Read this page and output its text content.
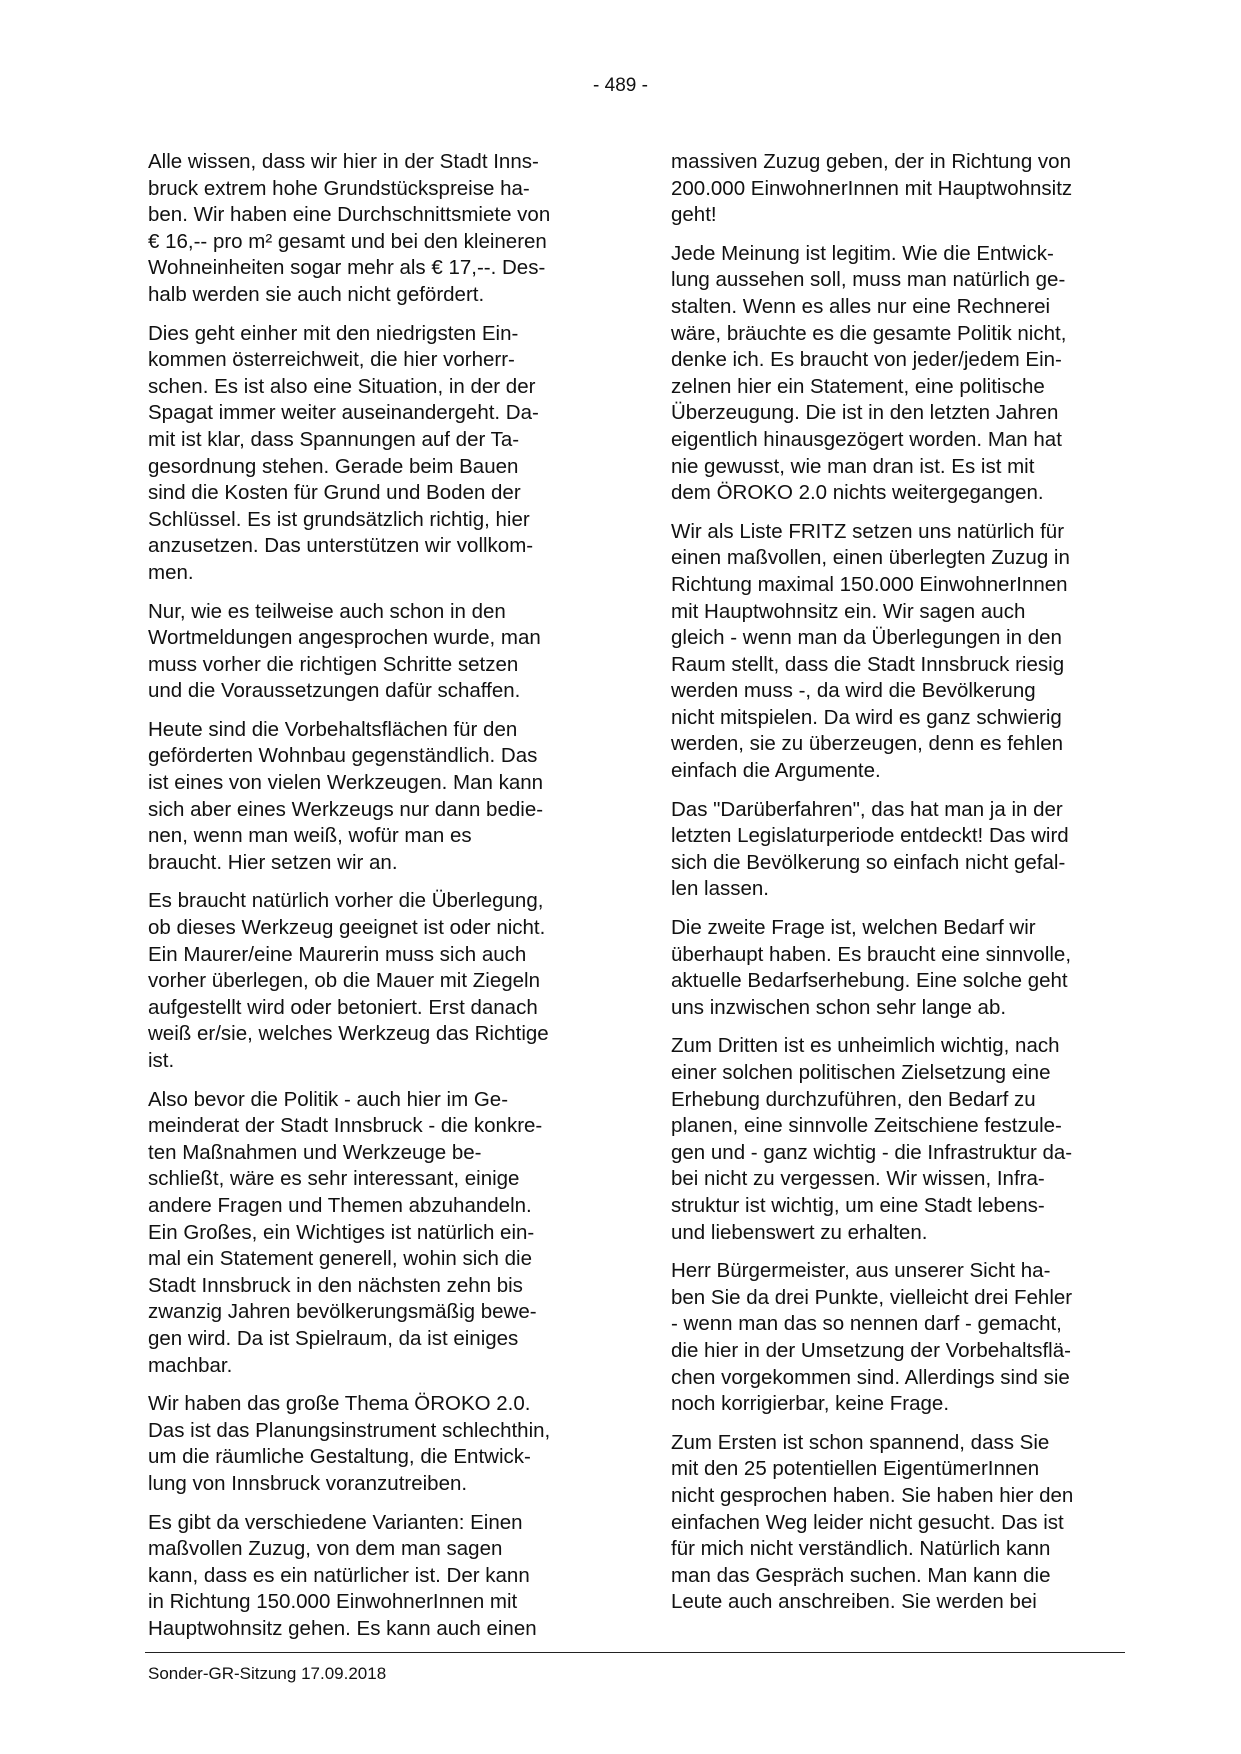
- 489 -

Alle wissen, dass wir hier in der Stadt Inns-
bruck extrem hohe Grundstückspreise ha-
ben. Wir haben eine Durchschnittsmiete von
€ 16,-- pro m² gesamt und bei den kleineren
Wohneinheiten sogar mehr als € 17,--. Des-
halb werden sie auch nicht gefördert.

Dies geht einher mit den niedrigsten Ein-
kommen österreichweit, die hier vorherr-
schen. Es ist also eine Situation, in der der
Spagat immer weiter auseinandergeht. Da-
mit ist klar, dass Spannungen auf der Ta-
gesordnung stehen. Gerade beim Bauen
sind die Kosten für Grund und Boden der
Schlüssel. Es ist grundsätzlich richtig, hier
anzusetzen. Das unterstützen wir vollkom-
men.

Nur, wie es teilweise auch schon in den
Wortmeldungen angesprochen wurde, man
muss vorher die richtigen Schritte setzen
und die Voraussetzungen dafür schaffen.

Heute sind die Vorbehaltsflächen für den
geförderten Wohnbau gegenständlich. Das
ist eines von vielen Werkzeugen. Man kann
sich aber eines Werkzeugs nur dann bedie-
nen, wenn man weiß, wofür man es
braucht. Hier setzen wir an.

Es braucht natürlich vorher die Überlegung,
ob dieses Werkzeug geeignet ist oder nicht.
Ein Maurer/eine Maurerin muss sich auch
vorher überlegen, ob die Mauer mit Ziegeln
aufgestellt wird oder betoniert. Erst danach
weiß er/sie, welches Werkzeug das Richtige
ist.

Also bevor die Politik - auch hier im Ge-
meinderat der Stadt Innsbruck - die konkre-
ten Maßnahmen und Werkzeuge be-
schließt, wäre es sehr interessant, einige
andere Fragen und Themen abzuhandeln.
Ein Großes, ein Wichtiges ist natürlich ein-
mal ein Statement generell, wohin sich die
Stadt Innsbruck in den nächsten zehn bis
zwanzig Jahren bevölkerungsmäßig bewe-
gen wird. Da ist Spielraum, da ist einiges
machbar.

Wir haben das große Thema ÖROKO 2.0.
Das ist das Planungsinstrument schlechthin,
um die räumliche Gestaltung, die Entwick-
lung von Innsbruck voranzutreiben.

Es gibt da verschiedene Varianten: Einen
maßvollen Zuzug, von dem man sagen
kann, dass es ein natürlicher ist. Der kann
in Richtung 150.000 EinwohnerInnen mit
Hauptwohnsitz gehen. Es kann auch einen

massiven Zuzug geben, der in Richtung von
200.000 EinwohnerInnen mit Hauptwohnsitz
geht!

Jede Meinung ist legitim. Wie die Entwick-
lung aussehen soll, muss man natürlich ge-
stalten. Wenn es alles nur eine Rechnerei
wäre, bräuchte es die gesamte Politik nicht,
denke ich. Es braucht von jeder/jedem Ein-
zelnen hier ein Statement, eine politische
Überzeugung. Die ist in den letzten Jahren
eigentlich hinausgezögert worden. Man hat
nie gewusst, wie man dran ist. Es ist mit
dem ÖROKO 2.0 nichts weitergegangen.

Wir als Liste FRITZ setzen uns natürlich für
einen maßvollen, einen überlegten Zuzug in
Richtung maximal 150.000 EinwohnerInnen
mit Hauptwohnsitz ein. Wir sagen auch
gleich - wenn man da Überlegungen in den
Raum stellt, dass die Stadt Innsbruck riesig
werden muss -, da wird die Bevölkerung
nicht mitspielen. Da wird es ganz schwierig
werden, sie zu überzeugen, denn es fehlen
einfach die Argumente.

Das "Darüberfahren", das hat man ja in der
letzten Legislaturperiode entdeckt! Das wird
sich die Bevölkerung so einfach nicht gefal-
len lassen.

Die zweite Frage ist, welchen Bedarf wir
überhaupt haben. Es braucht eine sinnvolle,
aktuelle Bedarfserhebung. Eine solche geht
uns inzwischen schon sehr lange ab.

Zum Dritten ist es unheimlich wichtig, nach
einer solchen politischen Zielsetzung eine
Erhebung durchzuführen, den Bedarf zu
planen, eine sinnvolle Zeitschiene festzule-
gen und - ganz wichtig - die Infrastruktur da-
bei nicht zu vergessen. Wir wissen, Infra-
struktur ist wichtig, um eine Stadt lebens-
und liebenswert zu erhalten.

Herr Bürgermeister, aus unserer Sicht ha-
ben Sie da drei Punkte, vielleicht drei Fehler
- wenn man das so nennen darf - gemacht,
die hier in der Umsetzung der Vorbehaltsflä-
chen vorgekommen sind. Allerdings sind sie
noch korrigierbar, keine Frage.

Zum Ersten ist schon spannend, dass Sie
mit den 25 potentiellen EigentümerInnen
nicht gesprochen haben. Sie haben hier den
einfachen Weg leider nicht gesucht. Das ist
für mich nicht verständlich. Natürlich kann
man das Gespräch suchen. Man kann die
Leute auch anschreiben. Sie werden bei

Sonder-GR-Sitzung 17.09.2018
